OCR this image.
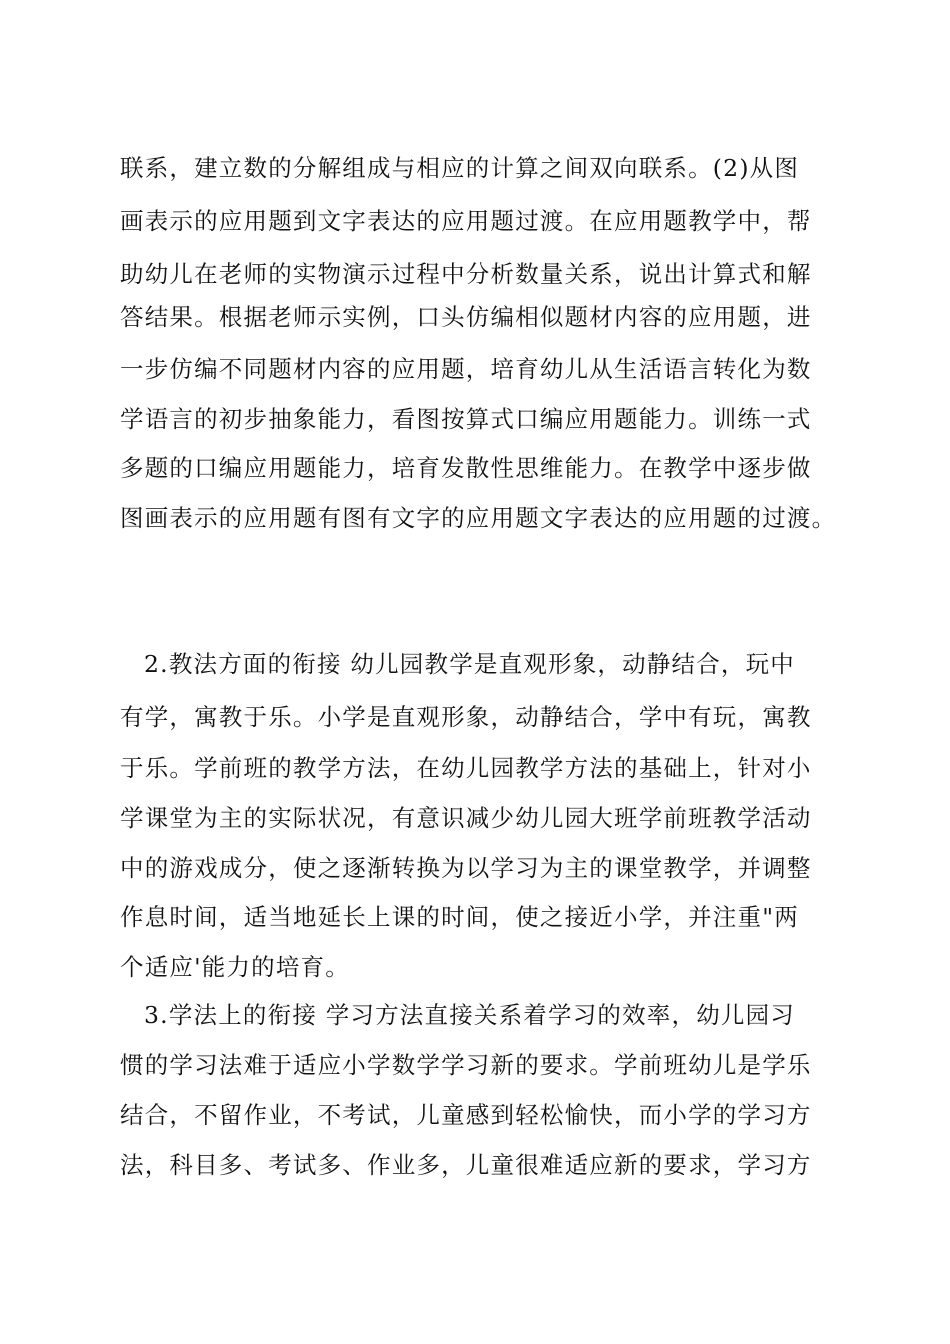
联系，建立数的分解组成与相应的计算之间双向联系。(2)从图
画表示的应用题到文字表达的应用题过渡。在应用题教学中，帮
助幼儿在老师的实物演示过程中分析数量关系，说出计算式和解
答结果。根据老师示实例，口头仿编相似题材内容的应用题，进
一步仿编不同题材内容的应用题，培育幼儿从生活语言转化为数
学语言的初步抽象能力，看图按算式口编应用题能力。训练一式
多题的口编应用题能力，培育发散性思维能力。在教学中逐步做
图画表示的应用题有图有文字的应用题文字表达的应用题的过渡。
2.教法方面的衔接 幼儿园教学是直观形象，动静结合，玩中
有学，寓教于乐。小学是直观形象，动静结合，学中有玩，寓教
于乐。学前班的教学方法，在幼儿园教学方法的基础上，针对小
学课堂为主的实际状况，有意识减少幼儿园大班学前班教学活动
中的游戏成分，使之逐渐转换为以学习为主的课堂教学，并调整
作息时间，适当地延长上课的时间，使之接近小学，并注重"两
个适应'能力的培育。
3.学法上的衔接 学习方法直接关系着学习的效率，幼儿园习
惯的学习法难于适应小学数学学习新的要求。学前班幼儿是学乐
结合，不留作业，不考试，儿童感到轻松愉快，而小学的学习方
法，科目多、考试多、作业多，儿童很难适应新的要求，学习方
